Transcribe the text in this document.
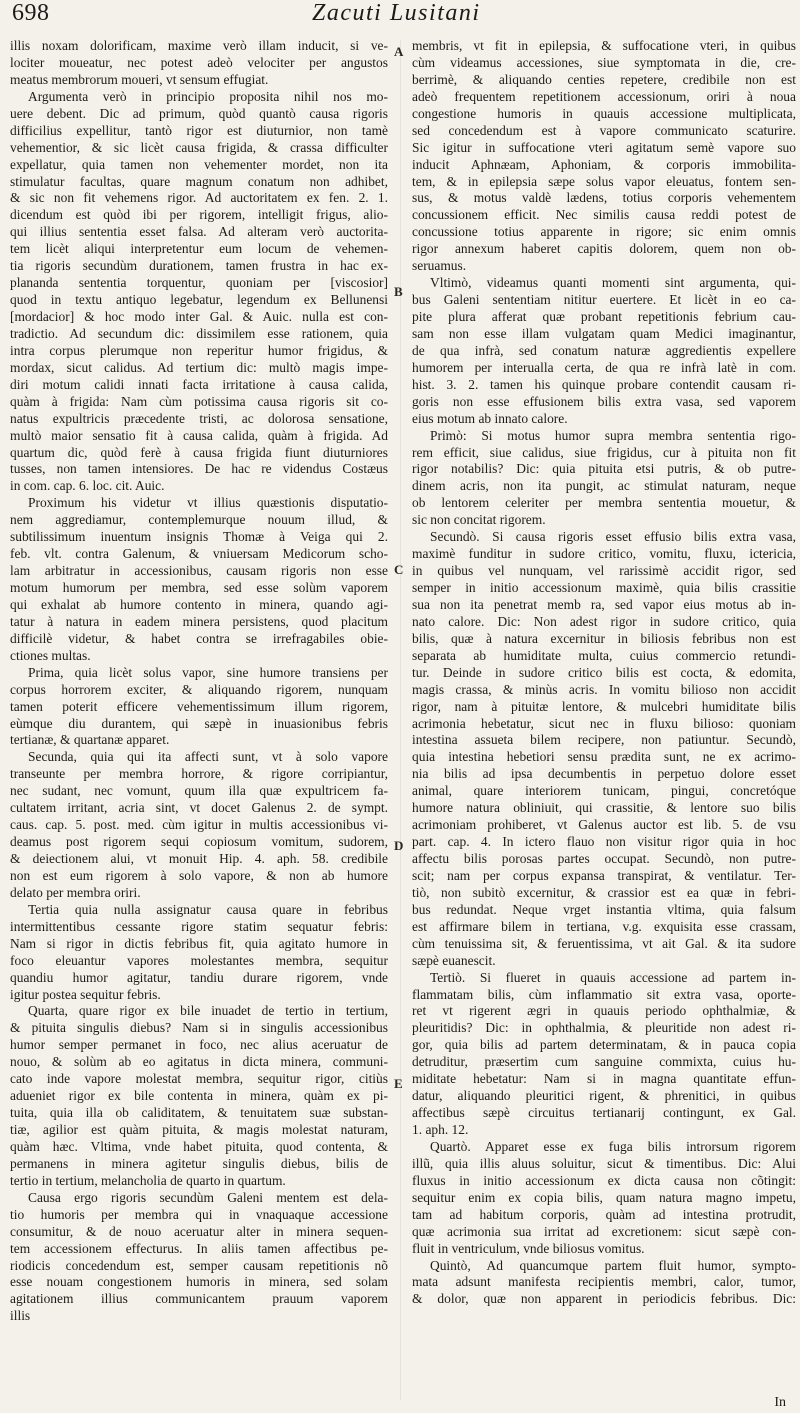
698	Zacuti Lusitani
illis noxam dolorificam, maxime verò illam inducit, si ve-
lociter moueatur, nec potest adeò velociter per angustos
meatus membrorum moueri, vt sensum effugiat.
Argumenta verò in principio proposita nihil nos mo-
uere debent. Dic ad primum, quòd quantò causa rigoris
difficilius expellitur, tantò rigor est diuturnior, non tamè
vehementior, & sic licèt causa frigida, & crassa difficulter
expellatur, quia tamen non vehementer mordet, non ita
stimulatur facultas, quare magnum conatum non adhibet,
& sic non fit vehemens rigor. Ad auctoritatem ex fen. 2. 1.
dicendum est quòd ibi per rigorem, intelligit frigus, alio-
qui illius sententia esset falsa. Ad alteram verò auctorita-
tem licèt aliqui interpretentur eum locum de vehemen-
tia rigoris secundùm durationem, tamen frustra in hac ex-
plananda sententia torquentur, quoniam per [viscosior]
quod in textu antiquo legebatur, legendum ex Bellunensi
[mordacior] & hoc modo inter Gal. & Auic. nulla est con-
tradictio. Ad secundum dic: dissimilem esse rationem, quia
intra corpus plerumque non reperitur humor frigidus, &
mordax, sicut calidus. Ad tertium dic: multò magis impe-
diri motum calidi innati facta irritatione à causa calida,
quàm à frigida: Nam cùm potissima causa rigoris sit co-
natus expultricis præcedente tristi, ac dolorosa sensatione,
multò maior sensatio fit à causa calida, quàm à frigida. Ad
quartum dic, quòd ferè à causa frigida fiunt diuturniores
tusses, non tamen intensiores. De hac re videndus Costæus
in com. cap. 6. loc. cit. Auic.
Proximum his videtur vt illius quæstionis disputatio-
nem aggrediamur, contemplemurque nouum illud, &
subtilissimum inuentum insignis Thomæ à Veiga qui 2.
feb. vlt. contra Galenum, & vniuersam Medicorum scho-
lam arbitratur in accessionibus, causam rigoris non esse
motum humorum per membra, sed esse solùm vaporem
qui exhalat ab humore contento in minera, quando agi-
tatur à natura in eadem minera persistens, quod placitum
difficilè videtur, & habet contra se irrefragabiles obie-
ctiones multas.
Prima, quia licèt solus vapor, sine humore transiens per
corpus horrorem exciter, & aliquando rigorem, nunquam
tamen poterit efficere vehementissimum illum rigorem,
eùmque diu durantem, qui sæpè in inuasionibus febris
tertianæ, & quartanæ apparet.
Secunda, quia qui ita affecti sunt, vt à solo vapore
transeunte per membra horrore, & rigore corripiantur,
nec sudant, nec vomunt, quum illa quæ expultricem fa-
cultatem irritant, acria sint, vt docet Galenus 2. de sympt.
caus. cap. 5. post. med. cùm igitur in multis accessionibus vi-
deamus post rigorem sequi copiosum vomitum, sudorem,
& deiectionem alui, vt monuit Hip. 4. aph. 58. credibile
non est eum rigorem à solo vapore, & non ab humore
delato per membra oriri.
Tertia quia nulla assignatur causa quare in febribus
intermittentibus cessante rigore statim sequatur febris:
Nam si rigor in dictis febribus fit, quia agitato humore in
foco eleuantur vapores molestantes membra, sequitur
quandiu humor agitatur, tandiu durare rigorem, vnde
igitur postea sequitur febris.
Quarta, quare rigor ex bile inuadet de tertio in tertium,
& pituita singulis diebus? Nam si in singulis accessionibus
humor semper permanet in foco, nec alius aceruatur de
nouo, & solùm ab eo agitatus in dicta minera, communi-
cato inde vapore molestat membra, sequitur rigor, citiùs
adueniet rigor ex bile contenta in minera, quàm ex pi-
tuita, quia illa ob caliditatem, & tenuitatem suæ substan-
tiæ, agilior est quàm pituita, & magis molestat naturam,
quàm hæc. Vltima, vnde habet pituita, quod contenta, &
permanens in minera agitetur singulis diebus, bilis de
tertio in tertium, melancholia de quarto in quartum.
Causa ergo rigoris secundùm Galeni mentem est dela-
tio humoris per membra qui in vnaquaque accessione
consumitur, & de nouo aceruatur alter in minera sequen-
tem accessionem effecturus. In aliis tamen affectibus pe-
riodicis concedendum est, semper causam repetitionis nõ
esse nouam congestionem humoris in minera, sed solam
agitationem illius communicantem prauum vaporem
illis
membris, vt fit in epilepsia, & suffocatione vteri, in quibus
cùm videamus accessiones, siue symptomata in die, cre-
berrimè, & aliquando centies repetere, credibile non est
adeò frequentem repetitionem accessionum, oriri à noua
congestione humoris in quauis accessione multiplicata,
sed concedendum est à vapore communicato scaturire.
Sic igitur in suffocatione vteri agitatum semè vapore suo
inducit Aphnæam, Aphoniam, & corporis immobilita-
tem, & in epilepsia sæpe solus vapor eleuatus, fontem sen-
sus, & motus valdè lædens, totius corporis vehementem
concussionem efficit. Nec similis causa reddi potest de
concussione totius apparente in rigore; sic enim omnis
rigor annexum haberet capitis dolorem, quem non ob-
seruamus.
Vltimò, videamus quanti momenti sint argumenta, qui-
bus Galeni sententiam nititur euertere. Et licèt in eo ca-
pite plura afferat quæ probant repetitionis febrium cau-
sam non esse illam vulgatam quam Medici imaginantur,
de qua infrà, sed conatum naturæ aggredientis expellere
humorem per interualla certa, de qua re infrà latè in com.
hist. 3. 2. tamen his quinque probare contendit causam ri-
goris non esse effusionem bilis extra vasa, sed vaporem
eius motum ab innato calore.
Primò: Si motus humor supra membra sententia rigo-
rem efficit, siue calidus, siue frigidus, cur à pituita non fit
rigor notabilis? Dic: quia pituita etsi putris, & ob putre-
dinem acris, non ita pungit, ac stimulat naturam, neque
ob lentorem celeriter per membra sententia mouetur, &
sic non concitat rigorem.
Secundò. Si causa rigoris esset effusio bilis extra vasa,
maximè funditur in sudore critico, vomitu, fluxu, ictericia,
in quibus vel nunquam, vel rarissimè accidit rigor, sed
semper in initio accessionum maximè, quia bilis crassitie
sua non ita penetrat memb ra, sed vapor eius motus ab in-
nato calore. Dic: Non adest rigor in sudore critico, quia
bilis, quæ à natura excernitur in biliosis febribus non est
separata ab humiditate multa, cuius commercio retundi-
tur. Deinde in sudore critico bilis est cocta, & edomita,
magis crassa, & minùs acris. In vomitu bilioso non accidit
rigor, nam à pituitæ lentore, & mulcebri humiditate bilis
acrimonia hebetatur, sicut nec in fluxu bilioso: quoniam
intestina assueta bilem recipere, non patiuntur. Secundò,
quia intestina hebetiori sensu prædita sunt, ne ex acrimo-
nia bilis ad ipsa decumbentis in perpetuo dolore esset
animal, quare interiorem tunicam, pingui, concretóque
humore natura obliniuit, qui crassitie, & lentore suo bilis
acrimoniam prohiberet, vt Galenus auctor est lib. 5. de vsu
part. cap. 4. In ictero flauo non visitur rigor quia in hoc
affectu bilis porosas partes occupat. Secundò, non putre-
scit; nam per corpus expansa transpirat, & ventilatur. Ter-
tiò, non subitò excernitur, & crassior est ea quæ in febri-
bus redundat. Neque vrget instantia vltima, quia falsum
est affirmare bilem in tertiana, v.g. exquisita esse crassam,
cùm tenuissima sit, & feruentissima, vt ait Gal. & ita sudore
sæpè euanescit.
Tertiò. Si flueret in quauis accessione ad partem in-
flammatam bilis, cùm inflammatio sit extra vasa, oporte-
ret vt rigerent ægri in quauis periodo ophthalmiæ, &
pleuritidis? Dic: in ophthalmia, & pleuritide non adest ri-
gor, quia bilis ad partem determinatam, & in pauca copia
detruditur, præsertim cum sanguine commixta, cuius hu-
miditate hebetatur: Nam si in magna quantitate effun-
datur, aliquando pleuritici rigent, & phrenitici, in quibus
affectibus sæpè circuitus tertianarij contingunt, ex Gal.
1. aph. 12.
Quartò. Apparet esse ex fuga bilis introrsum rigorem
illũ, quia illis aluus soluitur, sicut & timentibus. Dic: Alui
fluxus in initio accessionum ex dicta causa non cõtingit:
sequitur enim ex copia bilis, quam natura magno impetu,
tam ad habitum corporis, quàm ad intestina protrudit,
quæ acrimonia sua irritat ad excretionem: sicut sæpè con-
fluit in ventriculum, vnde biliosus vomitus.
Quintò, Ad quancumque partem fluit humor, sympto-
mata adsunt manifesta recipientis membri, calor, tumor,
& dolor, quæ non apparent in periodicis febribus. Dic:
A
B
C
D
E
In
